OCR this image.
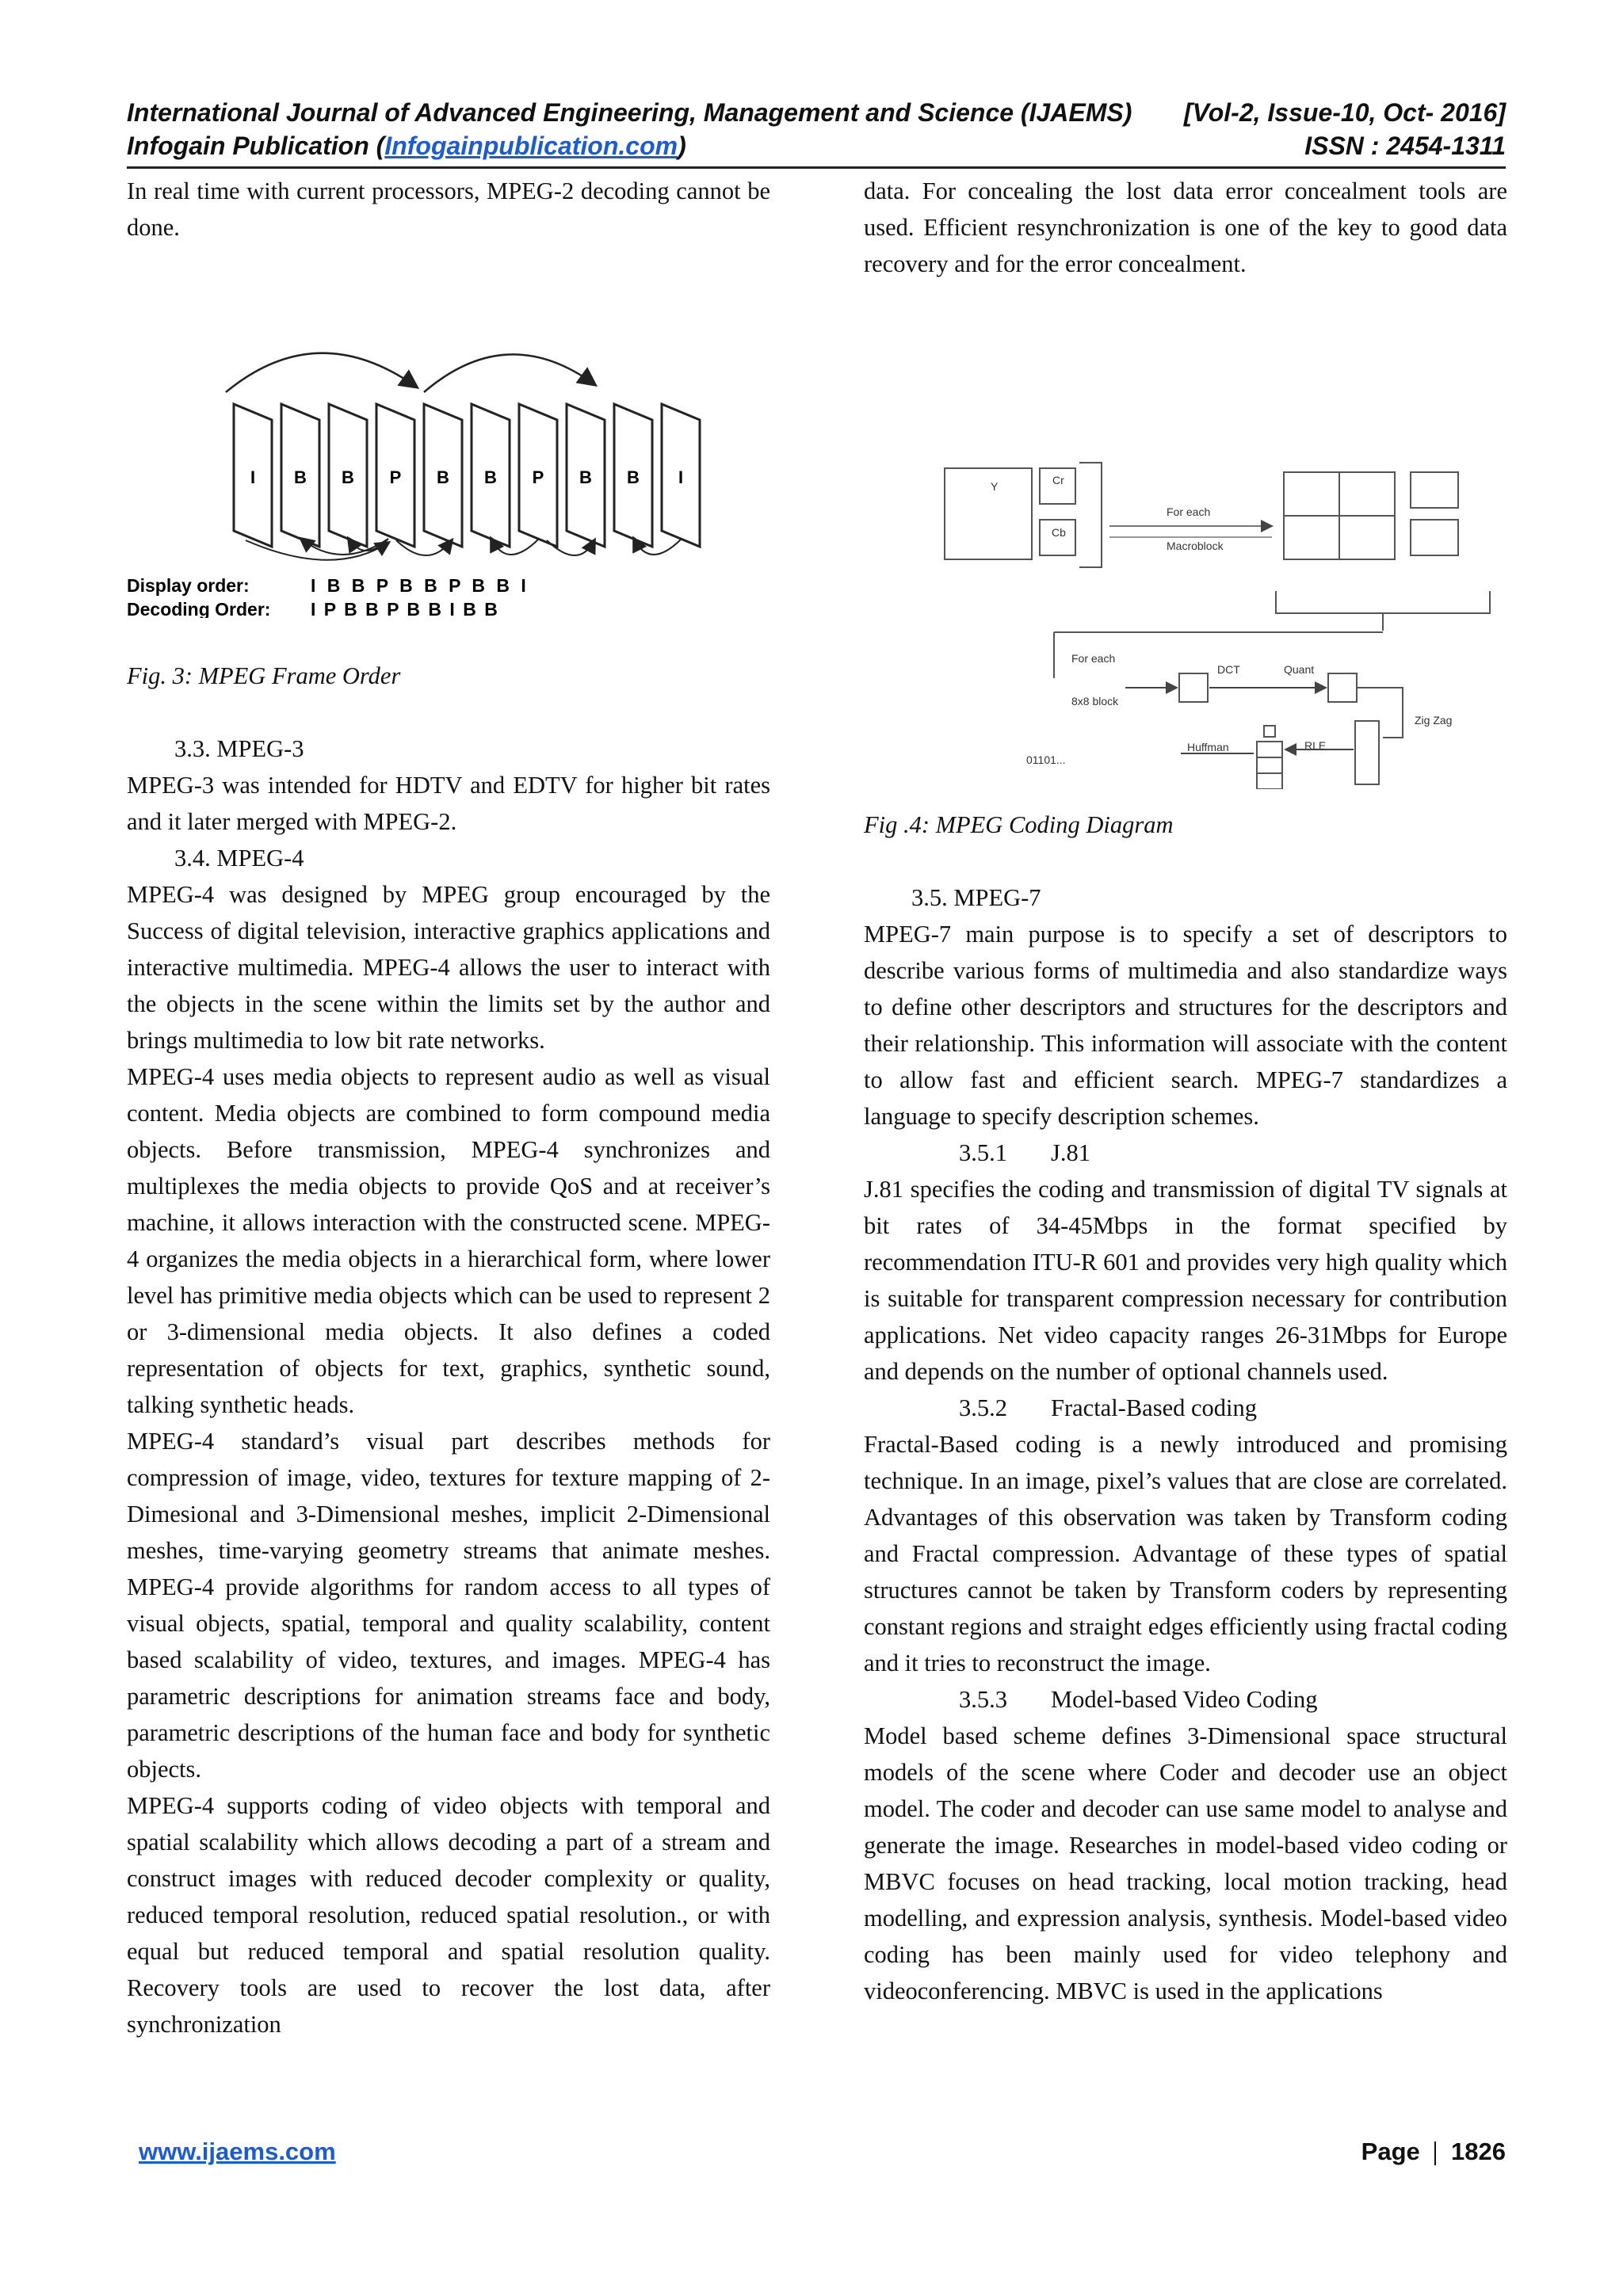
International Journal of Advanced Engineering, Management and Science (IJAEMS) [Vol-2, Issue-10, Oct- 2016]
Infogain Publication (Infogainpublication.com)	ISSN : 2454-1311

In real time with current processors, MPEG-2 decoding cannot be done.

I B B P B B P B B I
Display order:	I B B P B B P B B I
Decoding Order: I P B B P B B I B B

Fig. 3: MPEG Frame Order

3.3. MPEG-3

MPEG-3 was intended for HDTV and EDTV for higher bit rates and it later merged with MPEG-2.

3.4. MPEG-4

MPEG-4 was designed by MPEG group encouraged by the Success of digital television, interactive graphics applications and interactive multimedia. MPEG-4 allows the user to interact with the objects in the scene within the limits set by the author and brings multimedia to low bit rate networks.

MPEG-4 uses media objects to represent audio as well as visual content. Media objects are combined to form compound media objects. Before transmission, MPEG-4 synchronizes and multiplexes the media objects to provide QoS and at receiver’s machine, it allows interaction with the constructed scene. MPEG-4 organizes the media objects in a hierarchical form, where lower level has primitive media objects which can be used to represent 2 or 3-dimensional media objects. It also defines a coded representation of objects for text, graphics, synthetic sound, talking synthetic heads.

MPEG-4 standard’s visual part describes methods for compression of image, video, textures for texture mapping of 2-Dimesional and 3-Dimensional meshes, implicit 2-Dimensional meshes, time-varying geometry streams that animate meshes. MPEG-4 provide algorithms for random access to all types of visual objects, spatial, temporal and quality scalability, content based scalability of video, textures, and images. MPEG-4 has parametric descriptions for animation streams face and body, parametric descriptions of the human face and body for synthetic objects.

MPEG-4 supports coding of video objects with temporal and spatial scalability which allows decoding a part of a stream and construct images with reduced decoder complexity or quality, reduced temporal resolution, reduced spatial resolution., or with equal but reduced temporal and spatial resolution quality. Recovery tools are used to recover the lost data, after synchronization

data. For concealing the lost data error concealment tools are used. Efficient resynchronization is one of the key to good data recovery and for the error concealment.

Y	Cr
Cb
For each
Macroblock
For each
8x8 block
DCT	Quant
Zig Zag
RLE
Huffman
01101...

Fig .4: MPEG Coding Diagram

3.5. MPEG-7

MPEG-7 main purpose is to specify a set of descriptors to describe various forms of multimedia and also standardize ways to define other descriptors and structures for the descriptors and their relationship. This information will associate with the content to allow fast and efficient search. MPEG-7 standardizes a language to specify description schemes.

3.5.1 J.81

J.81 specifies the coding and transmission of digital TV signals at bit rates of 34-45Mbps in the format specified by recommendation ITU-R 601 and provides very high quality which is suitable for transparent compression necessary for contribution applications. Net video capacity ranges 26-31Mbps for Europe and depends on the number of optional channels used.

3.5.2 Fractal-Based coding

Fractal-Based coding is a newly introduced and promising technique. In an image, pixel’s values that are close are correlated. Advantages of this observation was taken by Transform coding and Fractal compression. Advantage of these types of spatial structures cannot be taken by Transform coders by representing constant regions and straight edges efficiently using fractal coding and it tries to reconstruct the image.

3.5.3 Model-based Video Coding

Model based scheme defines 3-Dimensional space structural models of the scene where Coder and decoder use an object model. The coder and decoder can use same model to analyse and generate the image. Researches in model-based video coding or MBVC focuses on head tracking, local motion tracking, head modelling, and expression analysis, synthesis. Model-based video coding has been mainly used for video telephony and videoconferencing. MBVC is used in the applications

www.ijaems.com	Page 1826
